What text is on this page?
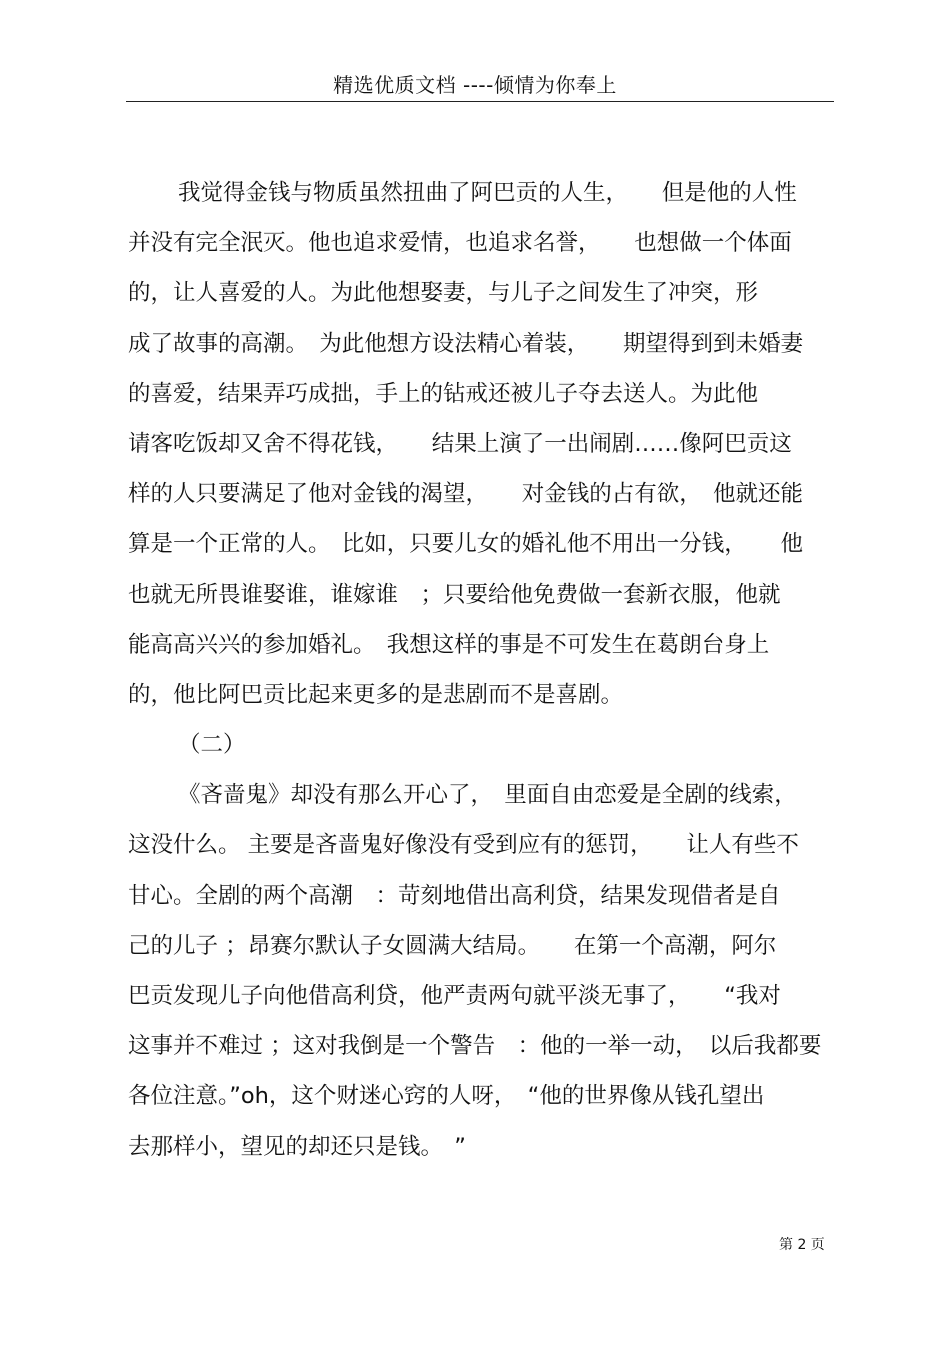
精选优质文档 ----倾情为你奉上
我觉得金钱与物质虽然扭曲了阿巴贡的人生，　　但是他的人性
并没有完全泯灭。他也追求爱情，也追求名誉，　　也想做一个体面
的，让人喜爱的人。为此他想娶妻，与儿子之间发生了冲突，形
成了故事的高潮。　为此他想方设法精心着装，　　期望得到到未婚妻
的喜爱，结果弄巧成拙，手上的钻戒还被儿子夺去送人。为此他
请客吃饭却又舍不得花钱，　　结果上演了一出闹剧……像阿巴贡这
样的人只要满足了他对金钱的渴望，　　对金钱的占有欲，　他就还能
算是一个正常的人。　比如，只要儿女的婚礼他不用出一分钱，　　他
也就无所畏谁娶谁，谁嫁谁　；只要给他免费做一套新衣服，他就
能高高兴兴的参加婚礼。　我想这样的事是不可发生在葛朗台身上
的，他比阿巴贡比起来更多的是悲剧而不是喜剧。
（二）
《吝啬鬼》却没有那么开心了，　里面自由恋爱是全剧的线索，
这没什么。 主要是吝啬鬼好像没有受到应有的惩罚，　　让人有些不
甘心。全剧的两个高潮　：苛刻地借出高利贷，结果发现借者是自
己的儿子 ；昂赛尔默认子女圆满大结局。　　在第一个高潮，阿尔
巴贡发现儿子向他借高利贷，他严责两句就平淡无事了，　　“我对
这事并不难过 ；这对我倒是一个警告　：他的一举一动，　以后我都要
各位注意。”oh，这个财迷心窍的人呀，　“他的世界像从钱孔望出
去那样小，望见的却还只是钱。　”
第 2 页
